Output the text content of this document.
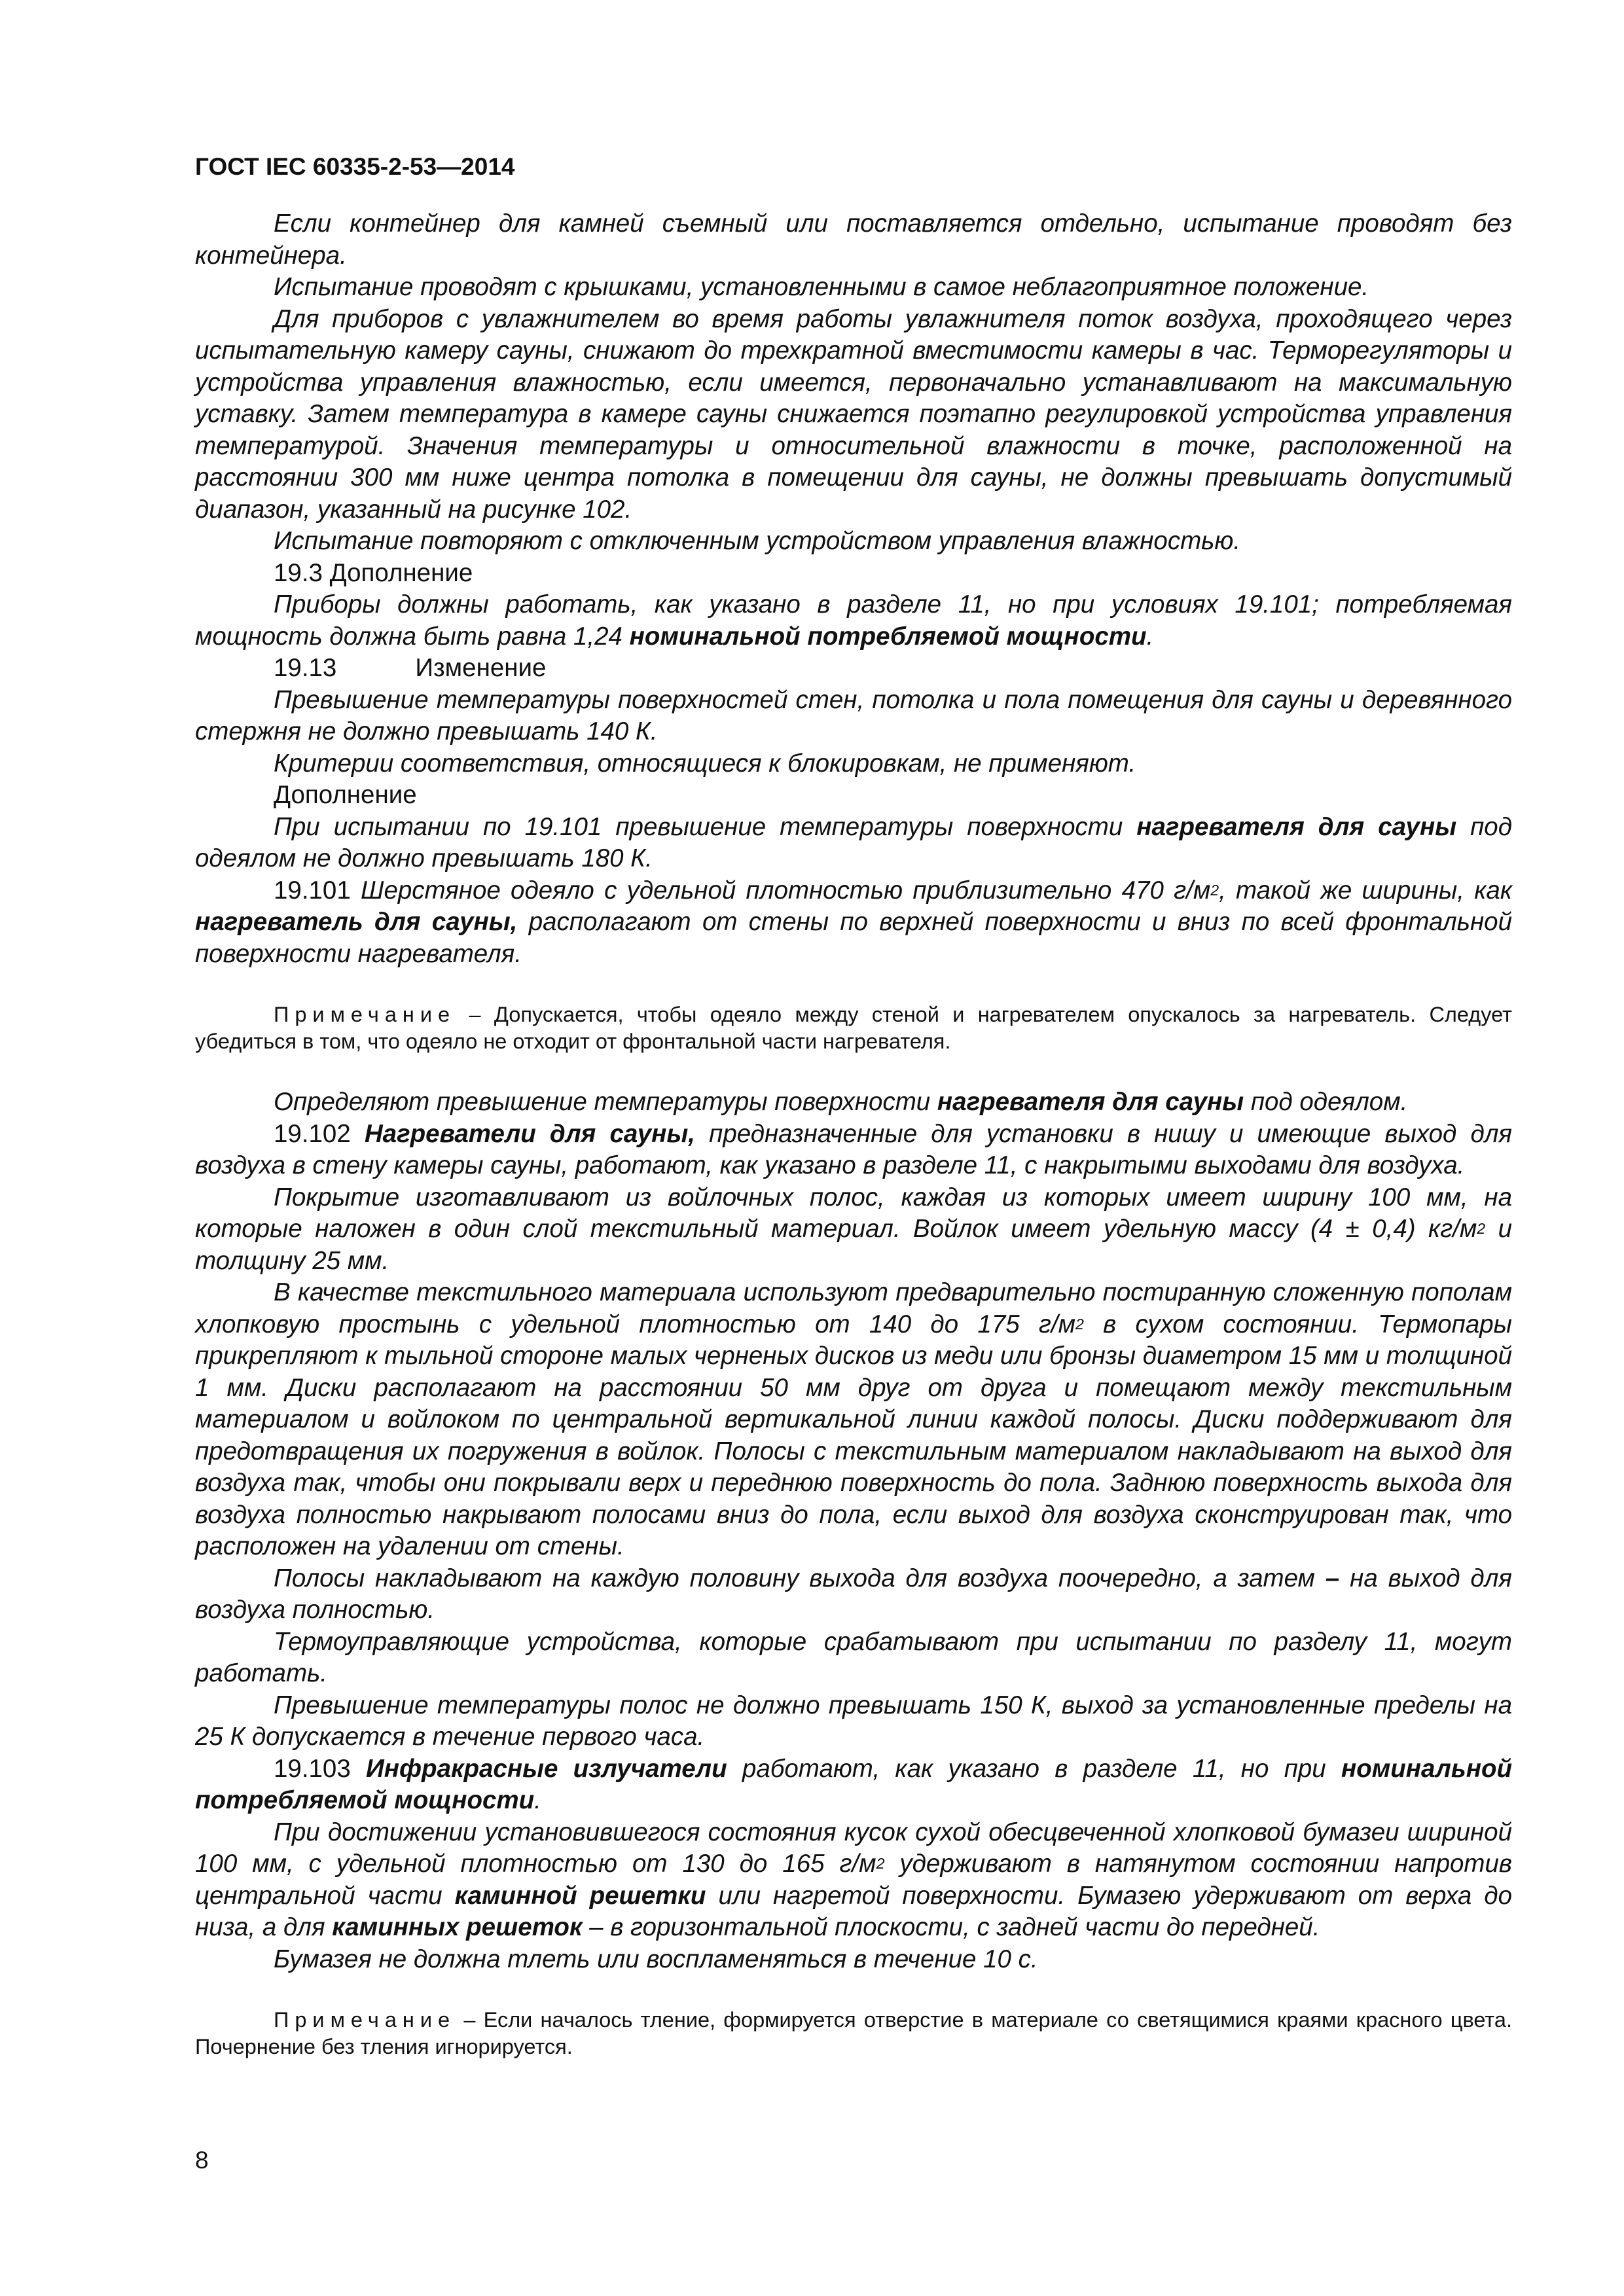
ГОСТ IEC 60335-2-53—2014

Если контейнер для камней съемный или поставляется отдельно, испытание проводят без контейнера.

Испытание проводят с крышками, установленными в самое неблагоприятное положение.

Для приборов с увлажнителем во время работы увлажнителя поток воздуха, проходящего через испытательную камеру сауны, снижают до трехкратной вместимости камеры в час. Терморегуляторы и устройства управления влажностью, если имеется, первоначально устанавливают на максимальную уставку. Затем температура в камере сауны снижается поэтапно регулировкой устройства управления температурой. Значения температуры и относительной влажности в точке, расположенной на расстоянии 300 мм ниже центра потолка в помещении для сауны, не должны превышать допустимый диапазон, указанный на рисунке 102.

Испытание повторяют с отключенным устройством управления влажностью.

19.3 Дополнение

Приборы должны работать, как указано в разделе 11, но при условиях 19.101; потребляемая мощность должна быть равна 1,24 номинальной потребляемой мощности.

19.13	Изменение

Превышение температуры поверхностей стен, потолка и пола помещения для сауны и деревянного стержня не должно превышать 140 К.

Критерии соответствия, относящиеся к блокировкам, не применяют.

Дополнение

При испытании по 19.101 превышение температуры поверхности нагревателя для сауны под одеялом не должно превышать 180 К.

19.101 Шерстяное одеяло с удельной плотностью приблизительно 470 $г/м^2$, такой же ширины, как нагреватель для сауны, располагают от стены по верхней поверхности и вниз по всей фронтальной поверхности нагревателя.

Примечание – Допускается, чтобы одеяло между стеной и нагревателем опускалось за нагреватель. Следует убедиться в том, что одеяло не отходит от фронтальной части нагревателя.

Определяют превышение температуры поверхности нагревателя для сауны под одеялом.

19.102 Нагреватели для сауны, предназначенные для установки в нишу и имеющие выход для воздуха в стену камеры сауны, работают, как указано в разделе 11, с накрытыми выходами для воздуха.

Покрытие изготавливают из войлочных полос, каждая из которых имеет ширину 100 мм, на которые наложен в один слой текстильный материал. Войлок имеет удельную массу (4 ± 0,4) $кг/м^2$ и толщину 25 мм.

В качестве текстильного материала используют предварительно постиранную сложенную пополам хлопковую простынь с удельной плотностью от 140 до 175 $г/м^2$ в сухом состоянии. Термопары прикрепляют к тыльной стороне малых черненых дисков из меди или бронзы диаметром 15 мм и толщиной 1 мм. Диски располагают на расстоянии 50 мм друг от друга и помещают между текстильным материалом и войлоком по центральной вертикальной линии каждой полосы. Диски поддерживают для предотвращения их погружения в войлок. Полосы с текстильным материалом накладывают на выход для воздуха так, чтобы они покрывали верх и переднюю поверхность до пола. Заднюю поверхность выхода для воздуха полностью накрывают полосами вниз до пола, если выход для воздуха сконструирован так, что расположен на удалении от стены.

Полосы накладывают на каждую половину выхода для воздуха поочередно, а затем – на выход для воздуха полностью.

Термоуправляющие устройства, которые срабатывают при испытании по разделу 11, могут работать.

Превышение температуры полос не должно превышать 150 К, выход за установленные пределы на 25 К допускается в течение первого часа.

19.103 Инфракрасные излучатели работают, как указано в разделе 11, но при номинальной потребляемой мощности.

При достижении установившегося состояния кусок сухой обесцвеченной хлопковой бумазеи шириной 100 мм, с удельной плотностью от 130 до 165 $г/м^2$ удерживают в натянутом состоянии напротив центральной части каминной решетки или нагретой поверхности. Бумазею удерживают от верха до низа, а для каминных решеток – в горизонтальной плоскости, с задней части до передней.

Бумазея не должна тлеть или воспламеняться в течение 10 с.

Примечание – Если началось тление, формируется отверстие в материале со светящимися краями красного цвета. Почернение без тления игнорируется.

8
